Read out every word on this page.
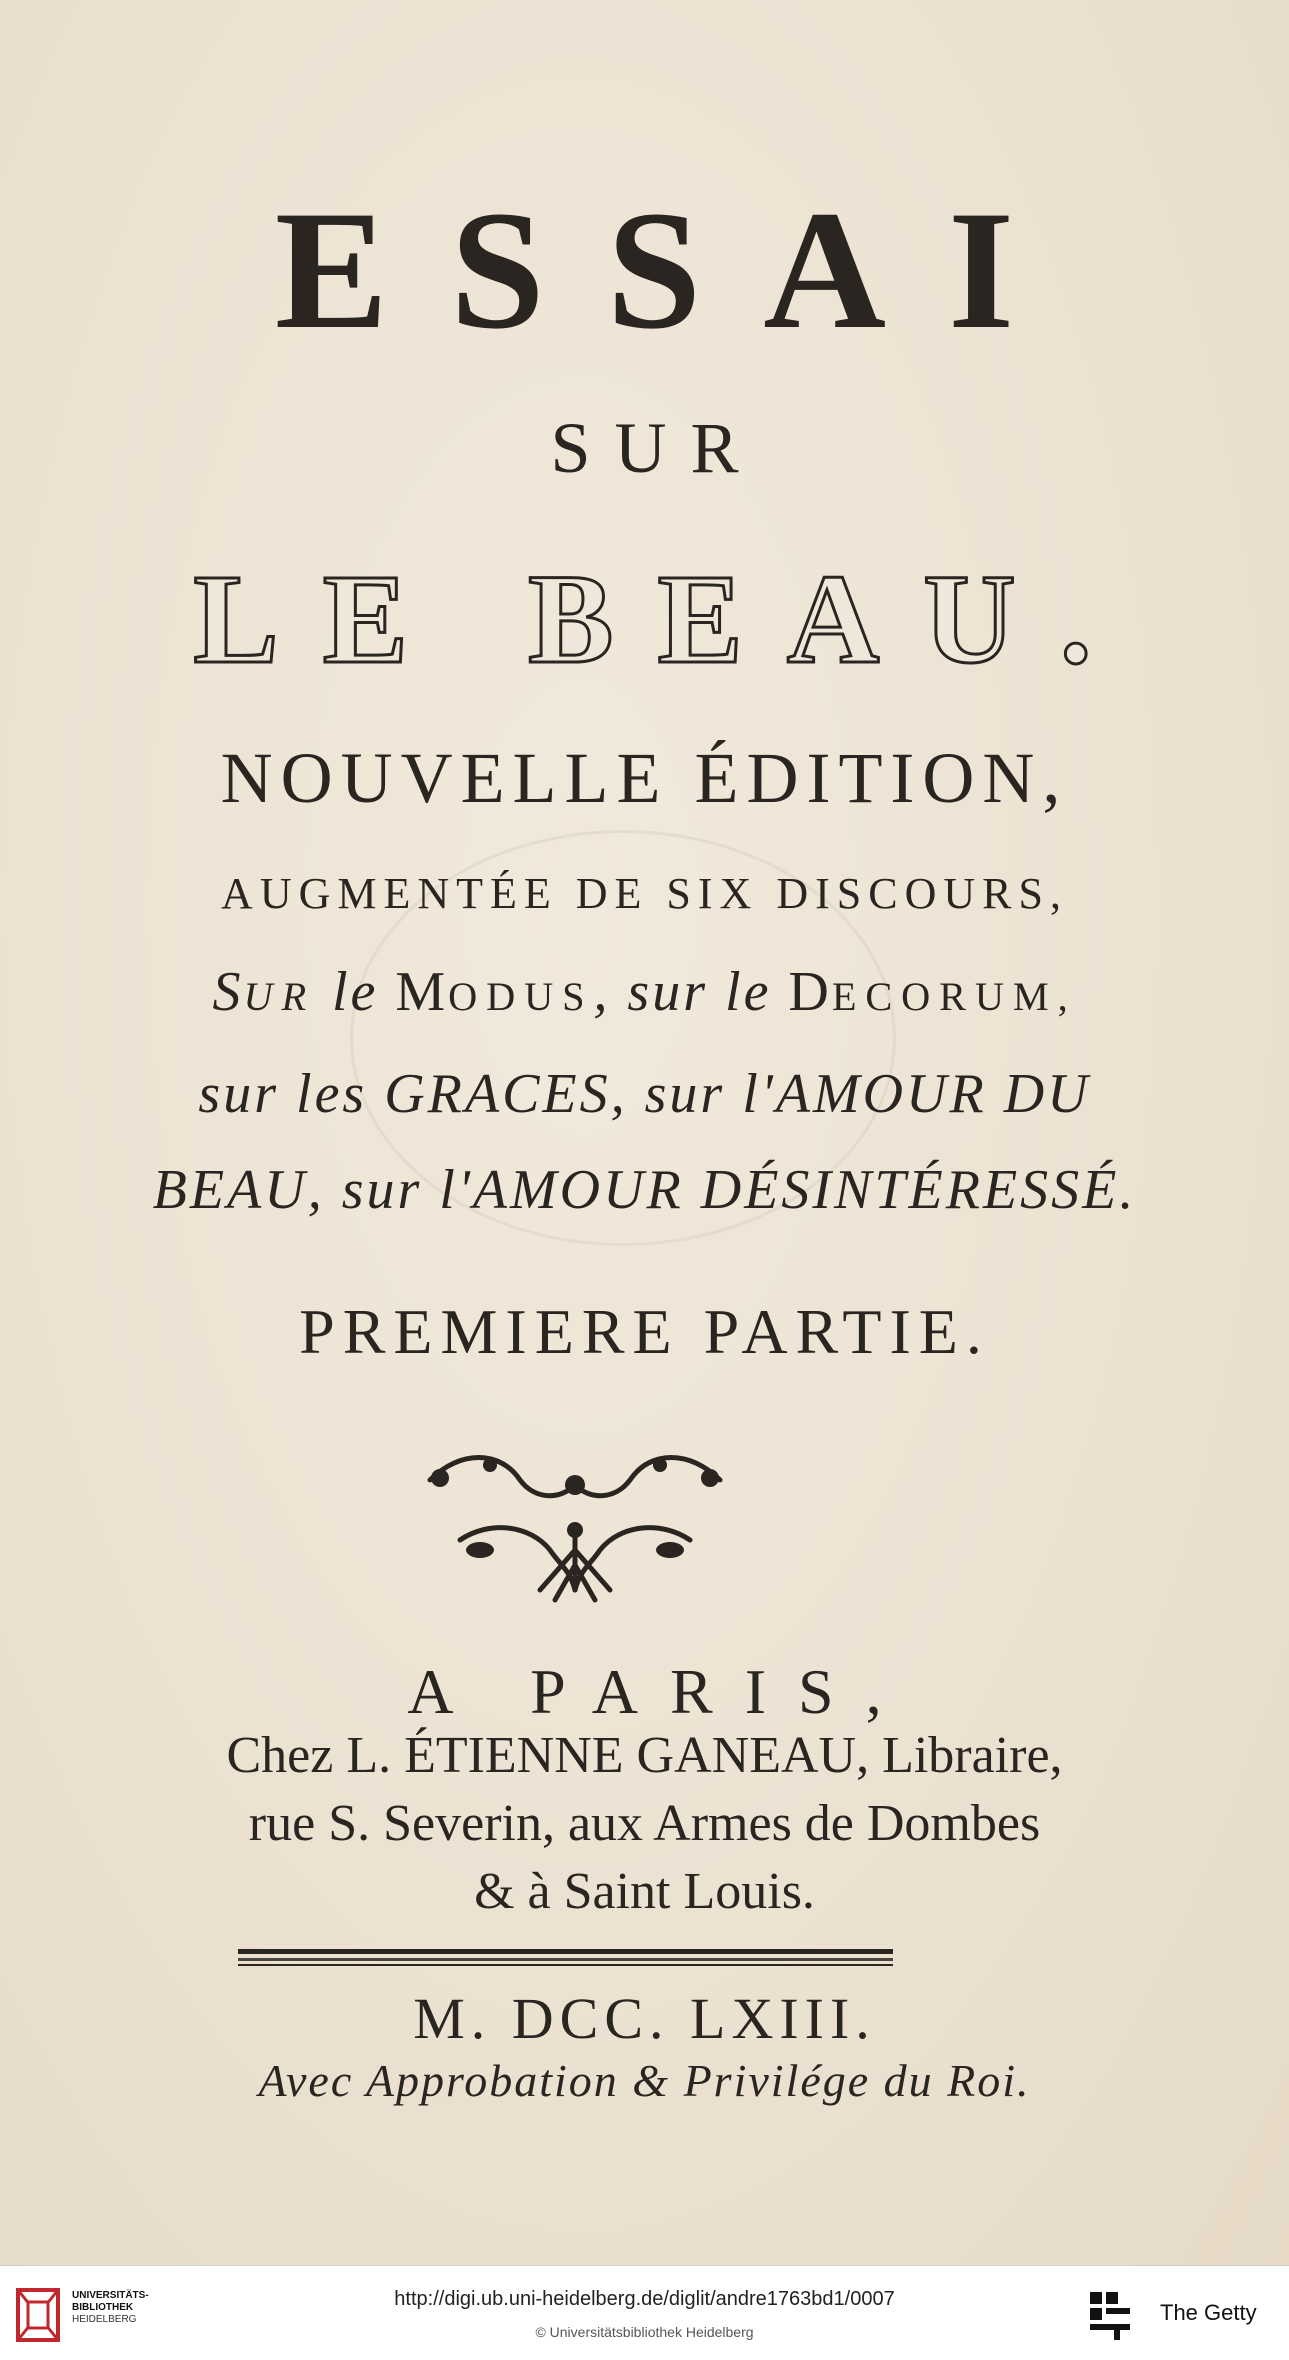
ESSAI
SUR
LE BEAU.
NOUVELLE ÉDITION,
AUGMENTÉE DE SIX DISCOURS,
SUR le MODUS, sur le DECORUM,
sur les GRACES, sur l'AMOUR DU
BEAU, sur l'AMOUR DÉSINTÉRESSÉ.
PREMIERE PARTIE.
A PARIS,
Chez L. ÉTIENNE GANEAU, Libraire,
rue S. Severin, aux Armes de Dombes
& à Saint Louis.
M. DCC. LXIII.
Avec Approbation & Privilége du Roi.
UNIVERSITÄTS-
BIBLIOTHEK
HEIDELBERG
http://digi.ub.uni-heidelberg.de/diglit/andre1763bd1/0007
© Universitätsbibliothek Heidelberg
The Getty
